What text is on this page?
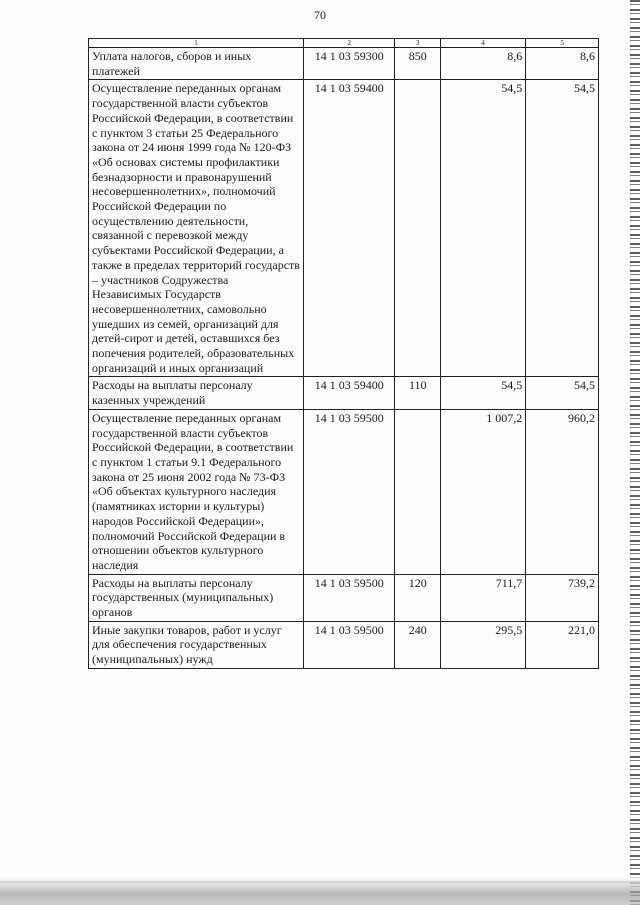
70
1	2	3	4	5
Уплата налогов, сборов и иных платежей	14 1 03 59300	850	8,6	8,6
Осуществление переданных органам государственной власти субъектов Российской Федерации, в соответствии с пунктом 3 статьи 25 Федерального закона от 24 июня 1999 года № 120-ФЗ «Об основах системы профилактики безнадзорности и правонарушений несовершеннолетних», полномочий Российской Федерации по осуществлению деятельности, связанной с перевозкой между субъектами Российской Федерации, а также в пределах территорий государств – участников Содружества Независимых Государств несовершеннолетних, самовольно ушедших из семей, организаций для детей-сирот и детей, оставшихся без попечения родителей, образовательных организаций и иных организаций	14 1 03 59400		54,5	54,5
Расходы на выплаты персоналу казенных учреждений	14 1 03 59400	110	54,5	54,5
Осуществление переданных органам государственной власти субъектов Российской Федерации, в соответствии с пунктом 1 статьи 9.1 Федерального закона от 25 июня 2002 года № 73-ФЗ «Об объектах культурного наследия (памятниках истории и культуры) народов Российской Федерации», полномочий Российской Федерации в отношении объектов культурного наследия	14 1 03 59500		1 007,2	960,2
Расходы на выплаты персоналу государственных (муниципальных) органов	14 1 03 59500	120	711,7	739,2
Иные закупки товаров, работ и услуг для обеспечения государственных (муниципальных) нужд	14 1 03 59500	240	295,5	221,0
